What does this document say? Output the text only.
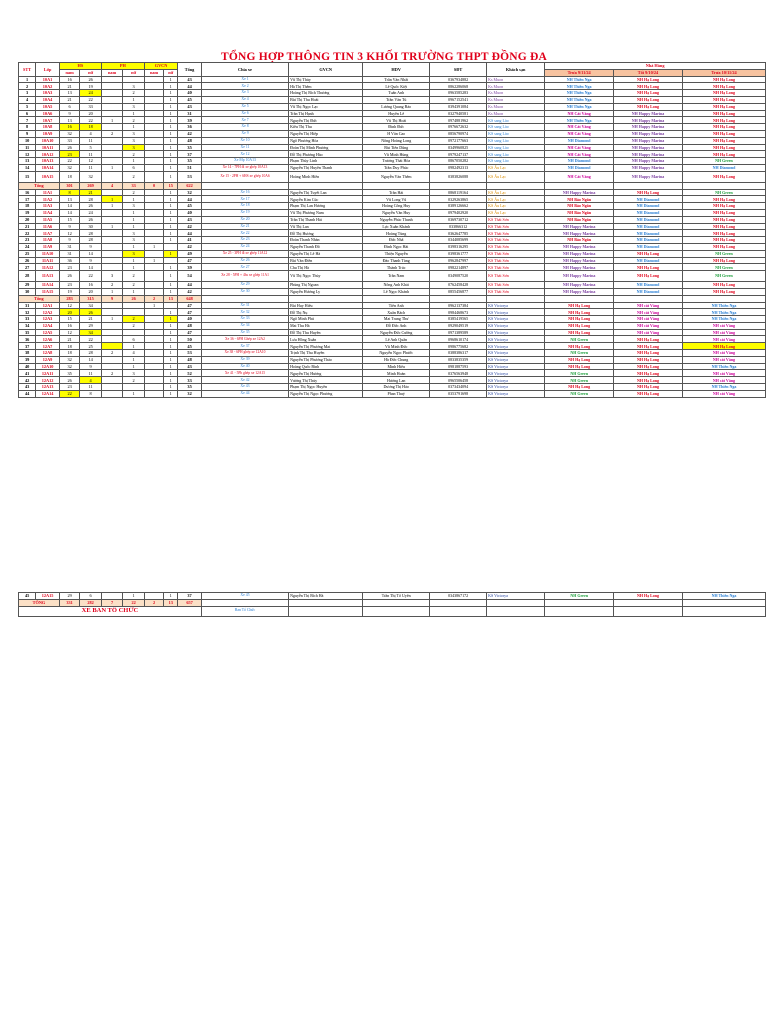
TỔNG HỢP THÔNG TIN 3 KHỐI TRƯỜNG THPT ĐỒNG ĐA
STT	Lớp	HS		PH		GVCN		Tổng	Chia xe	GVCN	HDV	SĐT	Khách sạn	Nhà Hàng		
		nam	nữ	nam	nữ	nam	nữ							Trưa 9/11/24	Tối 9/10/24	Trưa 10/11/24
1	10A1	16	26				1	43	Xe 1	Vũ Thị Thủy	Trần Văn Nhất	0367934882	Ks Muon	NH Thiên Nga	NH Hạ Long	NH Hạ Long
2	10A2	21	19		3		1	44	Xe 2	Hà Thị Thêm	Lê Quốc Kiệt	0862286068	Ks Muon	NH Thiên Nga	NH Hạ Long	NH Hạ Long
3	10A3	13	24		2		1	40	Xe 3	Hoàng Thị Bích Thương	Tuấn Anh	0963585283	Ks Muon	NH Thiên Nga	NH Hạ Long	NH Hạ Long
4	10A4	21	22		1		1	45	Xe 4	Bùi Thị Thu Hoài	Trần Văn Tú	0967152541	Ks Muon	NH Thiên Nga	NH Hạ Long	NH Hạ Long
5	10A5	6	33		3		1	43	Xe 5	Vũ Thị Ngọc Lạc	Lương Quang Bảo	0394391084	Ks Muon	NH Thiên Nga	NH Hạ Long	NH Hạ Long
6	10A6	9	20		1		1	31	Xe 6	Trần Thị Hạnh	Huyền Lê	0327940581	Ks Muon	NH Cát Vàng	NH Happy Marina	NH Hạ Long
7	10A7	13	22	1	2		1	39	Xe 7	Nguyễn Thị Đức	Vũ Thị Hoài	0974881962	KS sang Lào	NH Thiên Nga	NH Happy Marina	NH Hạ Long
8	10A8	16	18		1		1	36	Xe 8	Kiều Thị Thu	Đinh Đức	0976672632	KS sang Lào	NH Cát Vàng	NH Happy Marina	NH Hạ Long
9	10A9	32	4	2	3		1	42	Xe 9	Nguyễn Thị Hiệp	H Văn Cao	0856790974	KS sang Lào	NH Cát Vàng	NH Happy Marina	NH Hạ Long
10	10A10	33	11		3		1	48	Xe 10	Ngô Phương Hòa	Nông Hoàng Long	0972177663	KS sang Lào	NH Diamond	NH Happy Marina	NH Hạ Long
11	10A11	26	5		3		1	35	Xe 11	Đoàn Thị Minh Phương	Bùi Tiến Dũng	0349960825	KS sang Lào	NH Cát Vàng	NH Happy Marina	NH Hạ Long
12	10A12	23	11		2		1	37	Xe 12	Đỗ Thị Phương Hảo	Vũ Minh Hùng	0979247137	KS sang Lào	NH Cát Vàng	NH Happy Marina	NH Hạ Long
13	10A13	22	12		1		1	35	Xe Mp 10A13	Phạm Thùy Linh	Trương Thái Hòa	0867050282	KS sang Lào	NH Diamond	NH Happy Marina	NH Green
14	10A14	32	11	1	6		1	51	Xe 14 - 7PH đi xe ghép 10A13	Nguyễn Thị Huyền Thanh	Trần Duy Phúc	0982492313	KS Âu Lạc	NH Diamond	NH Happy Marina	NH Diamond
15	10A15	18	32		2		1	53	Xe 15 - 2PH + 6HS xe ghép 10A6	Hoàng Minh Hiền	Nguyễn Văn Thêm	0383826088	KS Âu Lạc	NH Cát Vàng	NH Happy Marina	NH Hạ Long
Tổng		301	269	4	33	0	15	622								
16	11A1	8	21		2		1	32	Xe 16	Nguyễn Thị Tuyết Lan	Trần Hải	0868119164	KS Âu Lạc	NH Happy Marina	NH Hạ Long	NH Green
17	11A2	13	28	1	1		1	44	Xe 17	Nguyễn Kim Cúc	Vũ Long Vũ	0329263865	KS Âu Lạc	NH Bảo Ngân	NH Diamond	NH Hạ Long
18	11A3	14	26	1	3		1	45	Xe 18	Phạm Thị Lan Hương	Hoàng Công Huy	0389126662	KS Âu Lạc	NH Bảo Ngân	NH Diamond	NH Hạ Long
19	11A4	14	24		1		1	40	Xe 19	Vũ Thị Phương Nam	Nguyễn Văn Huy	0979402920	KS Âu Lạc	NH Bảo Ngân	NH Diamond	NH Hạ Long
20	11A5	15	26		1		1	43	Xe 20	Trần Thị Thanh Hải	Nguyễn Phúc Thanh	0369730712	KS Thái Sơn	NH Bảo Ngân	NH Diamond	NH Hạ Long
21	11A6	9	30	1	1		1	42	Xe 21	Vũ Thị Lan	Lực Xuân Khánh	033866312	KS Thái Sơn	NH Happy Marina	NH Diamond	NH Hạ Long
22	11A7	12	28		3		1	44	Xe 22	Đỗ Thị Hương	Hoàng Tùng	0362647785	KS Thái Sơn	NH Happy Marina	NH Diamond	NH Hạ Long
23	11A8	9	28		3		1	41	Xe 23	Đoàn Thanh Nhàn	Đức Nhã	0344085699	KS Thái Sơn	NH Bảo Ngân	NH Diamond	NH Hạ Long
24	11A9	31	9		1	1		42	Xe 24	Nguyễn Thanh Đô	Đinh Ngọc Hải	0398316295	KS Thái Sơn	NH Happy Marina	NH Diamond	NH Hạ Long
25	11A10	31	14		3		1	49	Xe 25 - 3PH đi xe ghép 11A12	Nguyễn Thị Lê Hà	Thiện Nguyễn	0398361777	KS Thái Sơn	NH Happy Marina	NH Hạ Long	NH Green
26	11A11	36	9		1	1		47	Xe 26	Bùi Văn Điền	Đào Thanh Tùng	0962847997	KS Thái Sơn	NH Happy Marina	NH Diamond	NH Hạ Long
27	11A12	23	14		1		1	39	Xe 27	Chu Thị Hà	Thành Trúc	0982214897	KS Thái Sơn	NH Happy Marina	NH Hạ Long	NH Green
28	11A13	26	22	3	2		1	54	Xe 28 - 5PH + 4hs xe ghép 11A1	Vũ Thị Ngọc Thủy	Trần Nam	0349087520	KS Thái Sơn	NH Happy Marina	NH Hạ Long	NH Green
29	11A14	23	16	2	2		1	44	Xe 29	Phùng Thị Ngoan	Nông Anh Khải	0762458428	KS Thái Sơn	NH Happy Marina	NH Diamond	NH Hạ Long
30	11A15	19	20	1	1		1	42	Xe 30	Nguyễn Hương Ly	Lê Ngọc Khánh	0855456877	KS Thái Sơn	NH Happy Marina	NH Diamond	NH Hạ Long
Tổng		283	315	9	26	2	13	648								
31	12A1	12	34			1		47	Xe 31	Bùi Huy Hiếu	Tiến Anh	0962137384	KS Victorya	NH Hạ Long	NH cát Vàng	NH Thiên Nga
32	12A2	20	26				1	47	Xe 32	Đỗ Thị Nụ	Xuân Bách	0984468673	KS Victorya	NH Hạ Long	NH cát Vàng	NH Thiên Nga
33	12A3	15	21	1	2		1	40	Xe 33	Ngô Minh Phú	Mai Trung Thư	0385419565	KS Victorya	NH Hạ Long	NH cát Vàng	NH Thiên Nga
34	12A4	16	29		2		1	48	Xe 34	Mai Thu Hà	Đỗ Đức Anh	0929049519	KS Victorya	NH Hạ Long	NH cát Vàng	NH cát Vàng
35	12A5	12	34				1	47	Xe 35	Đỗ Thị Thu Huyền	Nguyễn Đức Cường	0971389589	KS Victorya	NH Hạ Long	NH cát Vàng	NH cát Vàng
36	12A6	21	22		6		1	50	Xe 36 - 6PH Ghép xe 12A2	Lưu Hồng Xuân	Lê Anh Quân	0968610174	KS Victorya	NH Green	NH Hạ Long	NH cát Vàng
37	12A7	18	25		1		1	45	Xe 37	Nguyễn Thị Phương Mai	Vũ Minh Đức	0986775682	KS Victorya	NH Hạ Long	NH Hạ Long	NH Hạ Long
38	12A8	18	28	2	4		1	53	Xe 38 - 6PH ghép xe 12A10	Trịnh Thị Thu Huyền	Nguyễn Ngọc Phước	0388386317	KS Victorya	NH Green	NH Hạ Long	NH cát Vàng
39	12A9	32	14		1		1	48	Xe 39	Nguyễn Thị Phương Thảo	Hà Đức Chung	0833835359	KS Victorya	NH Hạ Long	NH Hạ Long	NH cát Vàng
40	12A10	32	9		1		1	43	Xe 40	Hoàng Quốc Bình	Minh Hiếu	0981887593	KS Victorya	NH Hạ Long	NH Hạ Long	NH Thiên Nga
41	12A11	35	11	2	3		1	52	Xe 41 - 5Ph ghép xe 12A15	Nguyễn Thị Hương	Minh Hoàn	0376563948	KS Victorya	NH Green	NH Hạ Long	NH cát Vàng
42	12A12	26	4		2		1	33	Xe 42	Vương Thị Thủy	Hương Lan	0965506458	KS Victorya	NH Green	NH Hạ Long	NH cát Vàng
43	12A13	23	11				1	35	Xe 43	Phạm Thị Ngọc Huyền	Dương Thị Hảo	0373434094	KS Victorya	NH Hạ Long	NH Hạ Long	NH Thiên Nga
44	12A14	22	8		1		1	32	Xe 44	Nguyễn Thị Ngọc Phương	Phan Thuỷ	0353791698	KS Victorya	NH Green	NH Hạ Long	NH cát Vàng
45	12A15	29	6		1		1	37	Xe 45	Nguyễn Thị Bích Hà	Trần Thị Tố Uyên	0343867172	KS Victorya	NH Green	NH Hạ Long	NH Thiên Nga
TỔNG		331	282	7	22	2	13	657								
XE BAN TỔ CHỨC									Ban Tổ Chức							
